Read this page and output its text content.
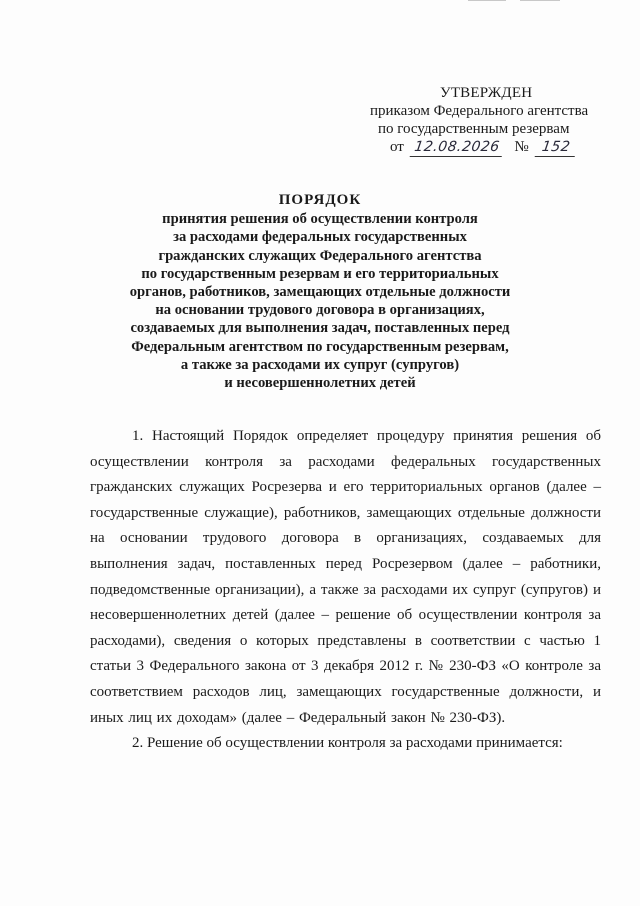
УТВЕРЖДЕН
приказом Федерального агентства
по государственным резервам
от 12.08.2026 № 152
ПОРЯДОК
принятия решения об осуществлении контроля
за расходами федеральных государственных
гражданских служащих Федерального агентства
по государственным резервам и его территориальных
органов, работников, замещающих отдельные должности
на основании трудового договора в организациях,
создаваемых для выполнения задач, поставленных перед
Федеральным агентством по государственным резервам,
а также за расходами их супруг (супругов)
и несовершеннолетних детей

1. Настоящий Порядок определяет процедуру принятия решения об осуществлении контроля за расходами федеральных государственных гражданских служащих Росрезерва и его территориальных органов (далее – государственные служащие), работников, замещающих отдельные должности на основании трудового договора в организациях, создаваемых для выполнения задач, поставленных перед Росрезервом (далее – работники, подведомственные организации), а также за расходами их супруг (супругов) и несовершеннолетних детей (далее – решение об осуществлении контроля за расходами), сведения о которых представлены в соответствии с частью 1 статьи 3 Федерального закона от 3 декабря 2012 г. № 230-ФЗ «О контроле за соответствием расходов лиц, замещающих государственные должности, и иных лиц их доходам» (далее – Федеральный закон № 230-ФЗ).

2. Решение об осуществлении контроля за расходами принимается:
